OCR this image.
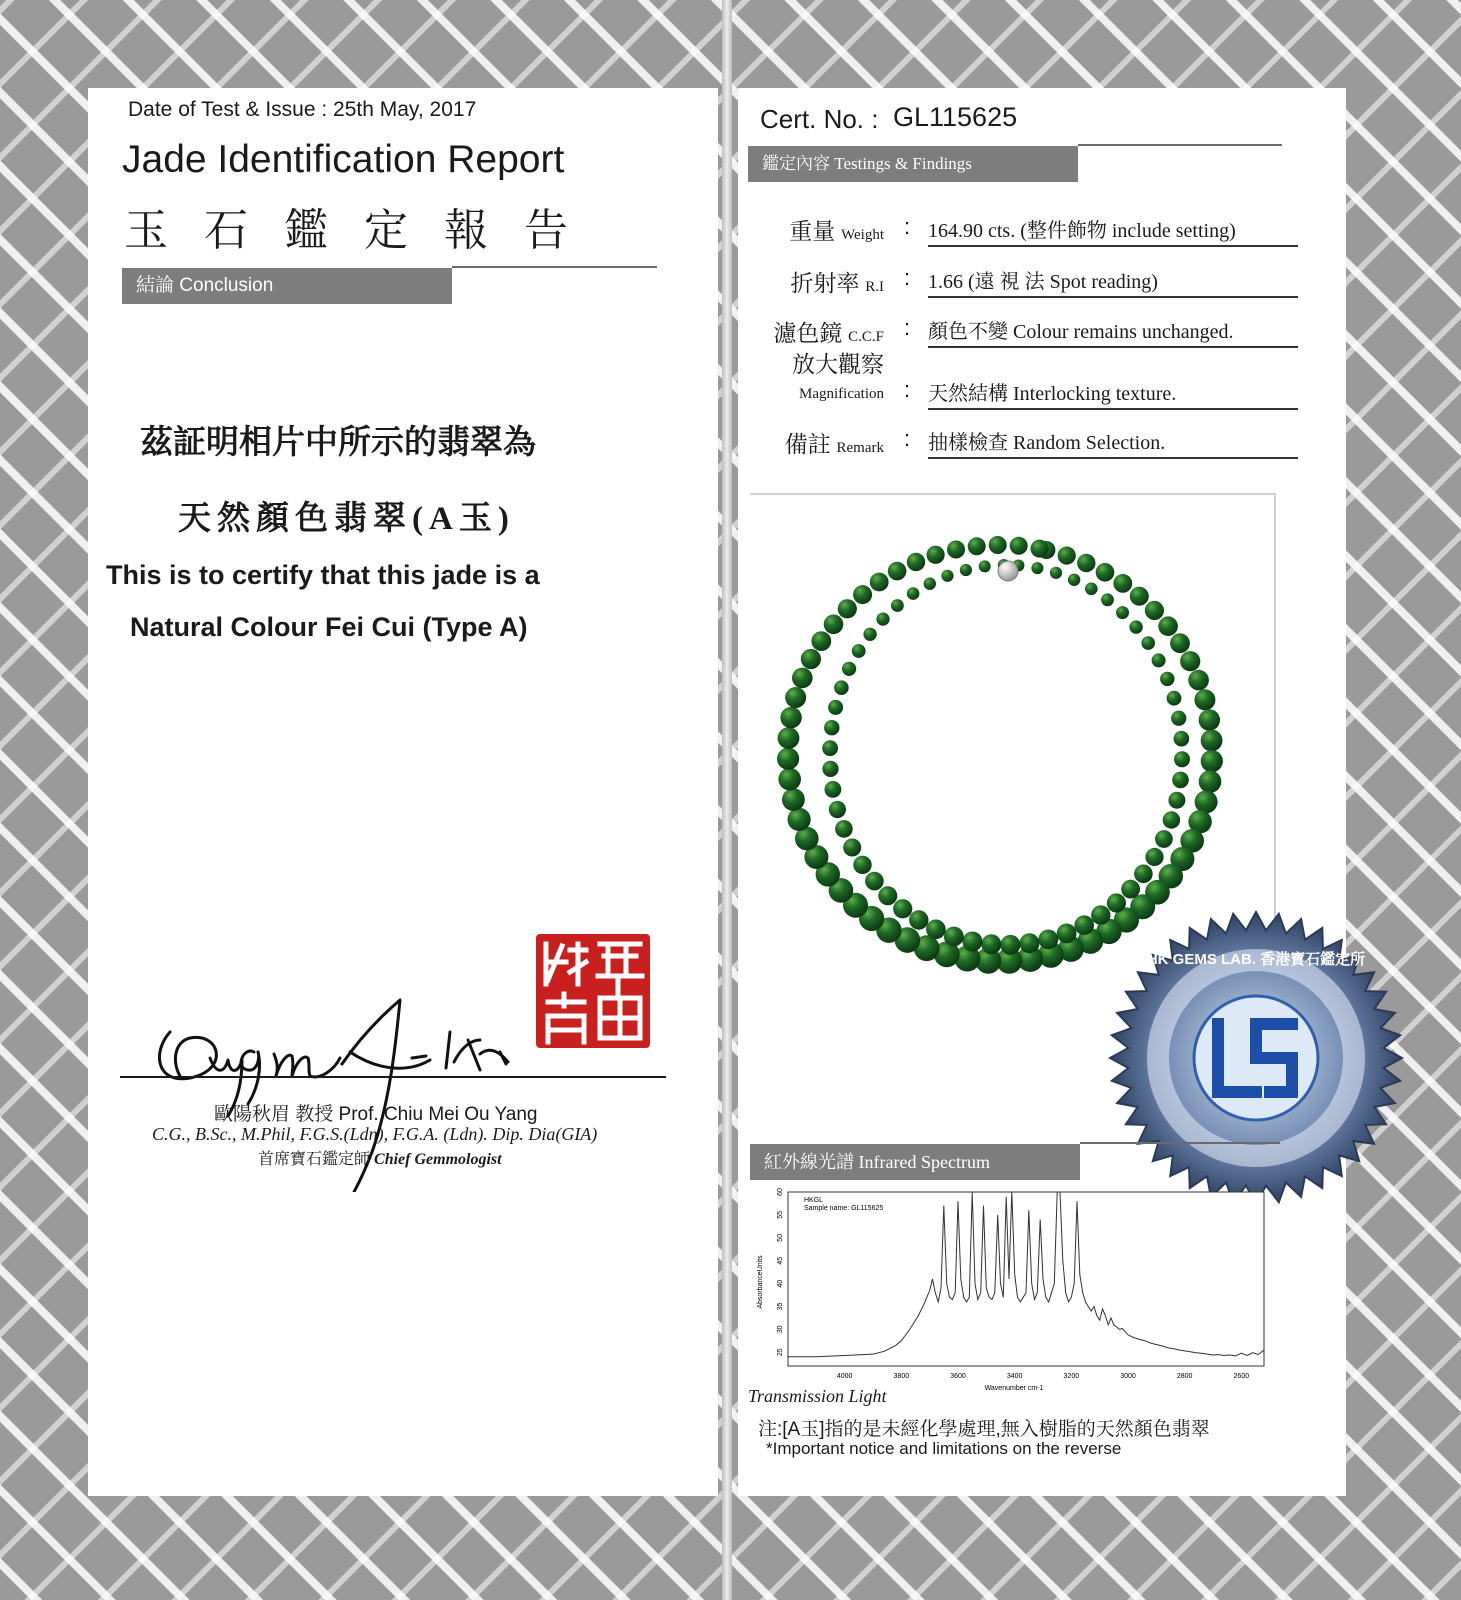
Date of Test & Issue : 25th May, 2017
Jade Identification Report
玉石鑑定報告
結論 Conclusion
茲証明相片中所示的翡翠為
天然顏色翡翠(A玉)
This is to certify that this jade is a
Natural Colour Fei Cui (Type A)
歐陽秋眉 教授 Prof. Chiu Mei Ou Yang
C.G., B.Sc., M.Phil, F.G.S.(Ldn), F.G.A. (Ldn). Dip. Dia(GIA)
首席寶石鑑定師 Chief Gemmologist
Cert. No. : GL115625
鑑定內容 Testings & Findings
重量 Weight : 164.90 cts. (整件飾物 include setting)
折射率 R.I : 1.66 (遠 視 法 Spot reading)
濾色鏡 C.C.F : 顏色不變 Colour remains unchanged.
放大觀察
Magnification : 天然結構 Interlocking texture.
備註 Remark : 抽樣檢查 Random Selection.
HK GEMS LAB. 香港寶石鑑定所
紅外線光譜 Infrared Spectrum
HKGL
Sample name: GL115625
Wavenumber cm-1
AbsorbanceUnits
4000	3800	3600	3400	3200	3000	2800	2600
25
30
35
40
45
50
55
60
Transmission Light
注:[A玉]指的是未經化學處理,無入樹脂的天然顏色翡翠
*Important notice and limitations on the reverse
